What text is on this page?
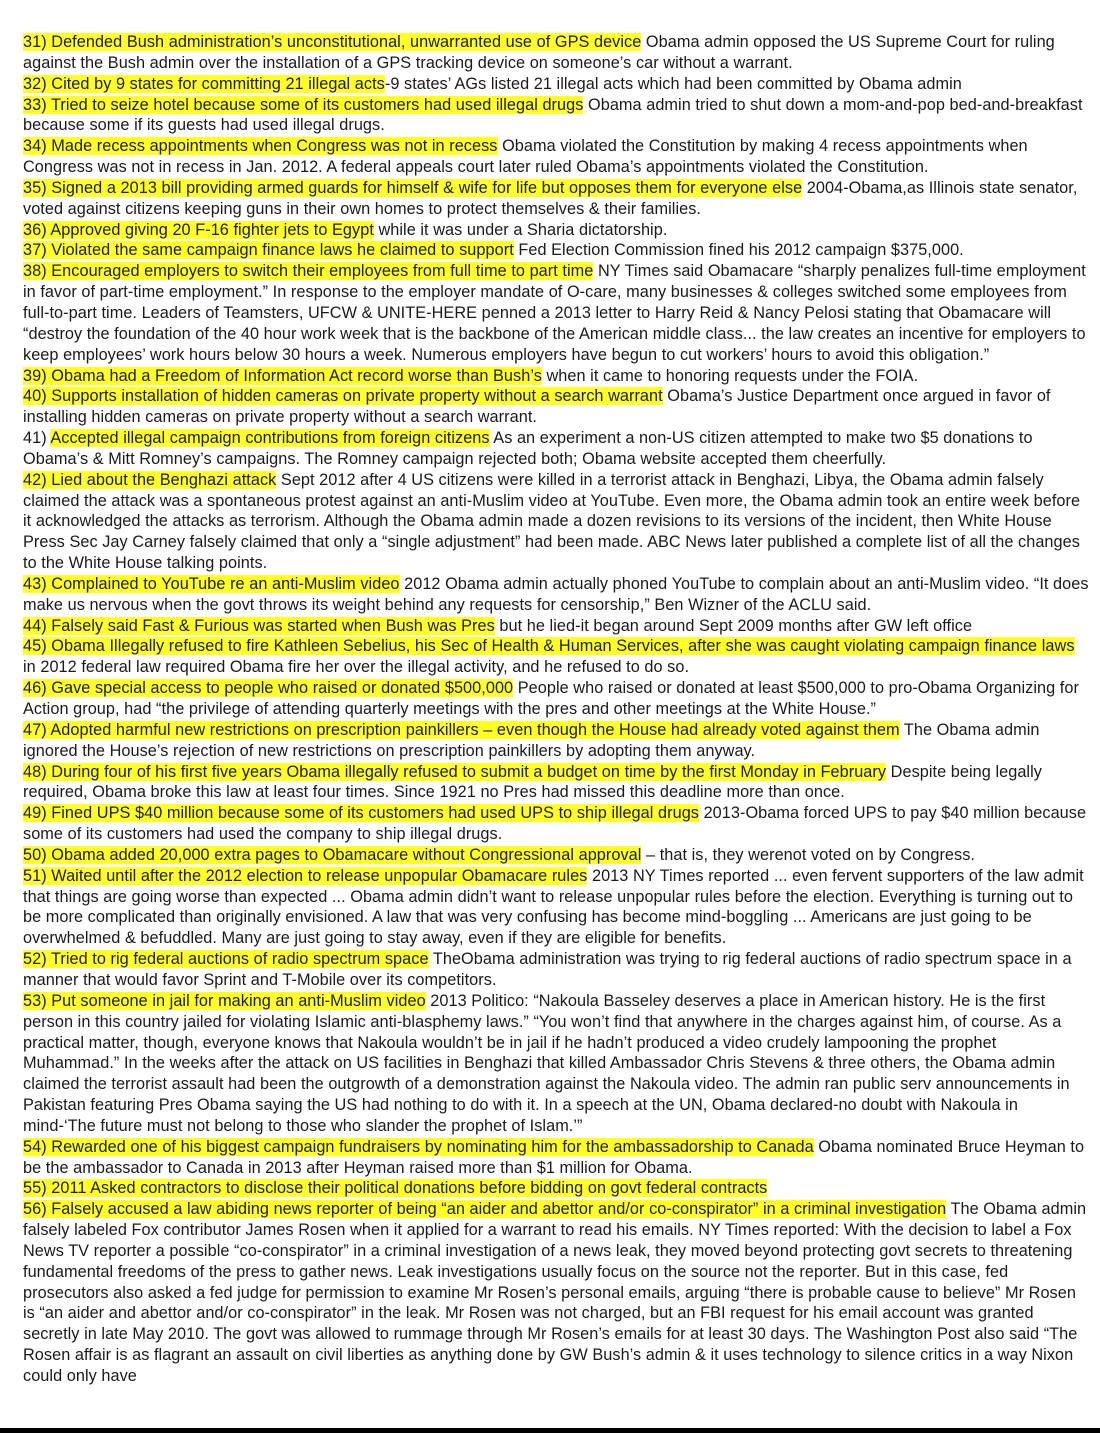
31) Defended Bush administration’s unconstitutional, unwarranted use of GPS device Obama admin opposed the US Supreme Court for ruling against the Bush admin over the installation of a GPS tracking device on someone’s car without a warrant.

32) Cited by 9 states for committing 21 illegal acts-9 states’ AGs listed 21 illegal acts which had been committed by Obama admin

33) Tried to seize hotel because some of its customers had used illegal drugs Obama admin tried to shut down a mom-and-pop bed-and-breakfast because some if its guests had used illegal drugs.

34) Made recess appointments when Congress was not in recess Obama violated the Constitution by making 4 recess appointments when Congress was not in recess in Jan. 2012. A federal appeals court later ruled Obama’s appointments violated the Constitution.

35) Signed a 2013 bill providing armed guards for himself & wife for life but opposes them for everyone else 2004-Obama,as Illinois state senator, voted against citizens keeping guns in their own homes to protect themselves & their families.

36) Approved giving 20 F-16 fighter jets to Egypt while it was under a Sharia dictatorship.

37) Violated the same campaign finance laws he claimed to support Fed Election Commission fined his 2012 campaign $375,000.

38) Encouraged employers to switch their employees from full time to part time NY Times said Obamacare “sharply penalizes full-time employment in favor of part-time employment.” In response to the employer mandate of O-care, many businesses & colleges switched some employees from full-to-part time. Leaders of Teamsters, UFCW & UNITE-HERE penned a 2013 letter to Harry Reid & Nancy Pelosi stating that Obamacare will “destroy the foundation of the 40 hour work week that is the backbone of the American middle class... the law creates an incentive for employers to keep employees’ work hours below 30 hours a week. Numerous employers have begun to cut workers’ hours to avoid this obligation.”

39) Obama had a Freedom of Information Act record worse than Bush’s when it came to honoring requests under the FOIA.

40) Supports installation of hidden cameras on private property without a search warrant Obama’s Justice Department once argued in favor of installing hidden cameras on private property without a search warrant.

41) Accepted illegal campaign contributions from foreign citizens As an experiment a non-US citizen attempted to make two $5 donations to Obama’s & Mitt Romney’s campaigns. The Romney campaign rejected both; Obama website accepted them cheerfully.

42) Lied about the Benghazi attack Sept 2012 after 4 US citizens were killed in a terrorist attack in Benghazi, Libya, the Obama admin falsely claimed the attack was a spontaneous protest against an anti-Muslim video at YouTube. Even more, the Obama admin took an entire week before it acknowledged the attacks as terrorism. Although the Obama admin made a dozen revisions to its versions of the incident, then White House Press Sec Jay Carney falsely claimed that only a “single adjustment” had been made. ABC News later published a complete list of all the changes to the White House talking points.

43) Complained to YouTube re an anti-Muslim video 2012 Obama admin actually phoned YouTube to complain about an anti-Muslim video. “It does make us nervous when the govt throws its weight behind any requests for censorship,” Ben Wizner of the ACLU said.

44) Falsely said Fast & Furious was started when Bush was Pres but he lied-it began around Sept 2009 months after GW left office

45) Obama Illegally refused to fire Kathleen Sebelius, his Sec of Health & Human Services, after she was caught violating campaign finance laws in 2012 federal law required Obama fire her over the illegal activity, and he refused to do so.

46) Gave special access to people who raised or donated $500,000 People who raised or donated at least $500,000 to pro-Obama Organizing for Action group, had “the privilege of attending quarterly meetings with the pres and other meetings at the White House.”

47) Adopted harmful new restrictions on prescription painkillers – even though the House had already voted against them The Obama admin ignored the House’s rejection of new restrictions on prescription painkillers by adopting them anyway.

48) During four of his first five years Obama illegally refused to submit a budget on time by the first Monday in February Despite being legally required, Obama broke this law at least four times. Since 1921 no Pres had missed this deadline more than once.

49) Fined UPS $40 million because some of its customers had used UPS to ship illegal drugs 2013-Obama forced UPS to pay $40 million because some of its customers had used the company to ship illegal drugs.

50) Obama added 20,000 extra pages to Obamacare without Congressional approval – that is, they werenot voted on by Congress.

51) Waited until after the 2012 election to release unpopular Obamacare rules 2013 NY Times reported ... even fervent supporters of the law admit that things are going worse than expected ... Obama admin didn’t want to release unpopular rules before the election. Everything is turning out to be more complicated than originally envisioned. A law that was very confusing has become mind-boggling ... Americans are just going to be overwhelmed & befuddled. Many are just going to stay away, even if they are eligible for benefits.

52) Tried to rig federal auctions of radio spectrum space TheObama administration was trying to rig federal auctions of radio spectrum space in a manner that would favor Sprint and T-Mobile over its competitors.

53) Put someone in jail for making an anti-Muslim video 2013 Politico: “Nakoula Basseley deserves a place in American history. He is the first person in this country jailed for violating Islamic anti-blasphemy laws.” “You won’t find that anywhere in the charges against him, of course. As a practical matter, though, everyone knows that Nakoula wouldn’t be in jail if he hadn’t produced a video crudely lampooning the prophet Muhammad.” In the weeks after the attack on US facilities in Benghazi that killed Ambassador Chris Stevens & three others, the Obama admin claimed the terrorist assault had been the outgrowth of a demonstration against the Nakoula video. The admin ran public serv announcements in Pakistan featuring Pres Obama saying the US had nothing to do with it. In a speech at the UN, Obama declared-no doubt with Nakoula in mind-‘The future must not belong to those who slander the prophet of Islam.’”

54) Rewarded one of his biggest campaign fundraisers by nominating him for the ambassadorship to Canada Obama nominated Bruce Heyman to be the ambassador to Canada in 2013 after Heyman raised more than $1 million for Obama.

55) 2011 Asked contractors to disclose their political donations before bidding on govt federal contracts

56) Falsely accused a law abiding news reporter of being “an aider and abettor and/or co-conspirator” in a criminal investigation The Obama admin falsely labeled Fox contributor James Rosen when it applied for a warrant to read his emails. NY Times reported: With the decision to label a Fox News TV reporter a possible “co-conspirator” in a criminal investigation of a news leak, they moved beyond protecting govt secrets to threatening fundamental freedoms of the press to gather news. Leak investigations usually focus on the source not the reporter. But in this case, fed prosecutors also asked a fed judge for permission to examine Mr Rosen’s personal emails, arguing “there is probable cause to believe” Mr Rosen is “an aider and abettor and/or co-conspirator” in the leak. Mr Rosen was not charged, but an FBI request for his email account was granted secretly in late May 2010. The govt was allowed to rummage through Mr Rosen’s emails for at least 30 days. The Washington Post also said “The Rosen affair is as flagrant an assault on civil liberties as anything done by GW Bush’s admin & it uses technology to silence critics in a way Nixon could only have
